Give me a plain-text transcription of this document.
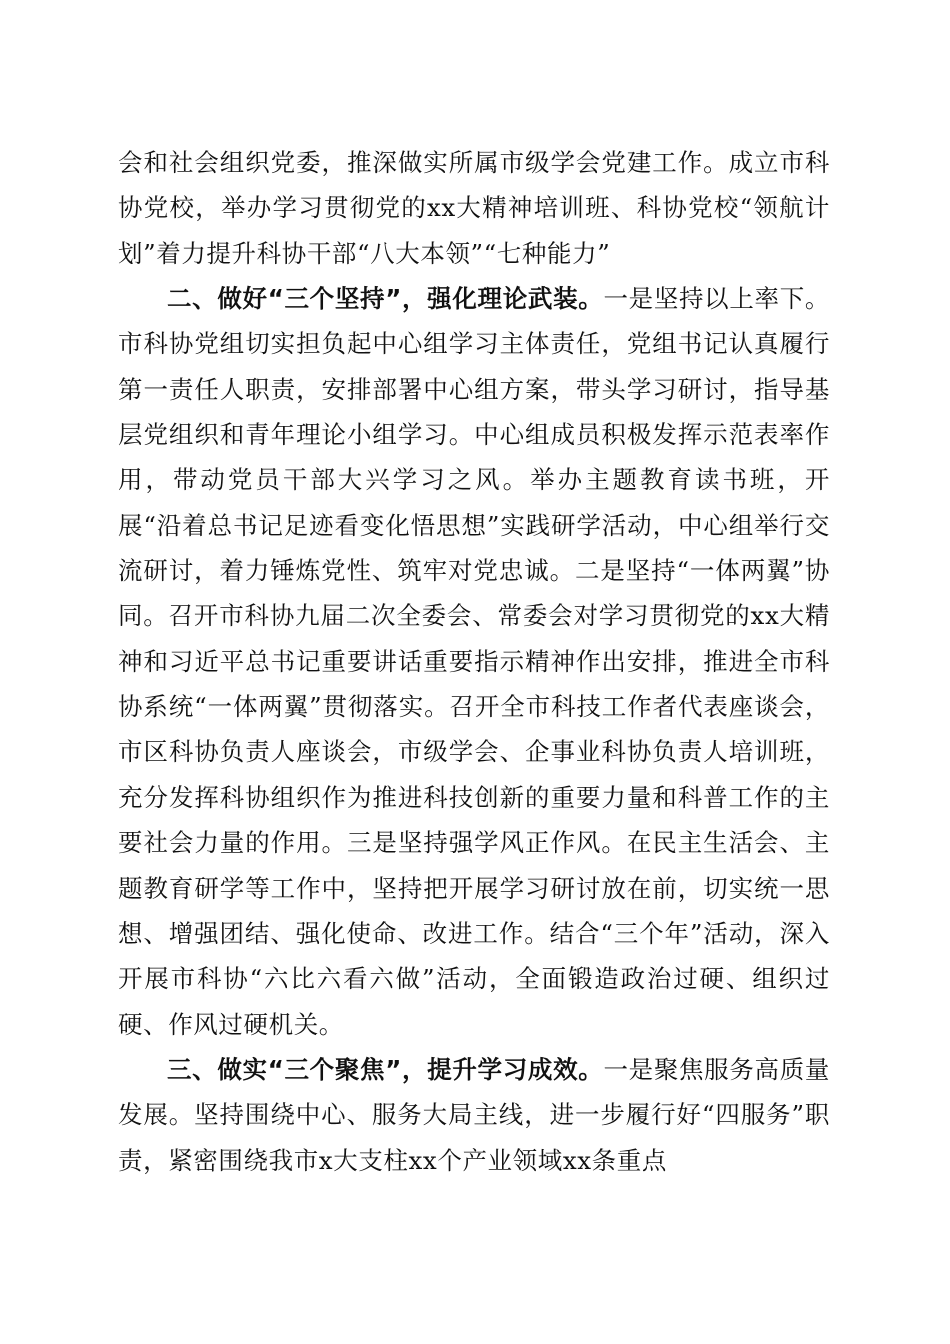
会和社会组织党委，推深做实所属市级学会党建工作。成立市科协党校，举办学习贯彻党的xx大精神培训班、科协党校“领航计划”着力提升科协干部“八大本领”“七种能力”

二、做好“三个坚持”，强化理论武装。一是坚持以上率下。市科协党组切实担负起中心组学习主体责任，党组书记认真履行第一责任人职责，安排部署中心组方案，带头学习研讨，指导基层党组织和青年理论小组学习。中心组成员积极发挥示范表率作用，带动党员干部大兴学习之风。举办主题教育读书班，开展“沿着总书记足迹看变化悟思想”实践研学活动，中心组举行交流研讨，着力锤炼党性、筑牢对党忠诚。二是坚持“一体两翼”协同。召开市科协九届二次全委会、常委会对学习贯彻党的xx大精神和习近平总书记重要讲话重要指示精神作出安排，推进全市科协系统“一体两翼”贯彻落实。召开全市科技工作者代表座谈会，市区科协负责人座谈会，市级学会、企事业科协负责人培训班，充分发挥科协组织作为推进科技创新的重要力量和科普工作的主要社会力量的作用。三是坚持强学风正作风。在民主生活会、主题教育研学等工作中，坚持把开展学习研讨放在前，切实统一思想、增强团结、强化使命、改进工作。结合“三个年”活动，深入开展市科协“六比六看六做”活动，全面锻造政治过硬、组织过硬、作风过硬机关。

三、做实“三个聚焦”，提升学习成效。一是聚焦服务高质量发展。坚持围绕中心、服务大局主线，进一步履行好“四服务”职责，紧密围绕我市x大支柱xx个产业领域xx条重点
